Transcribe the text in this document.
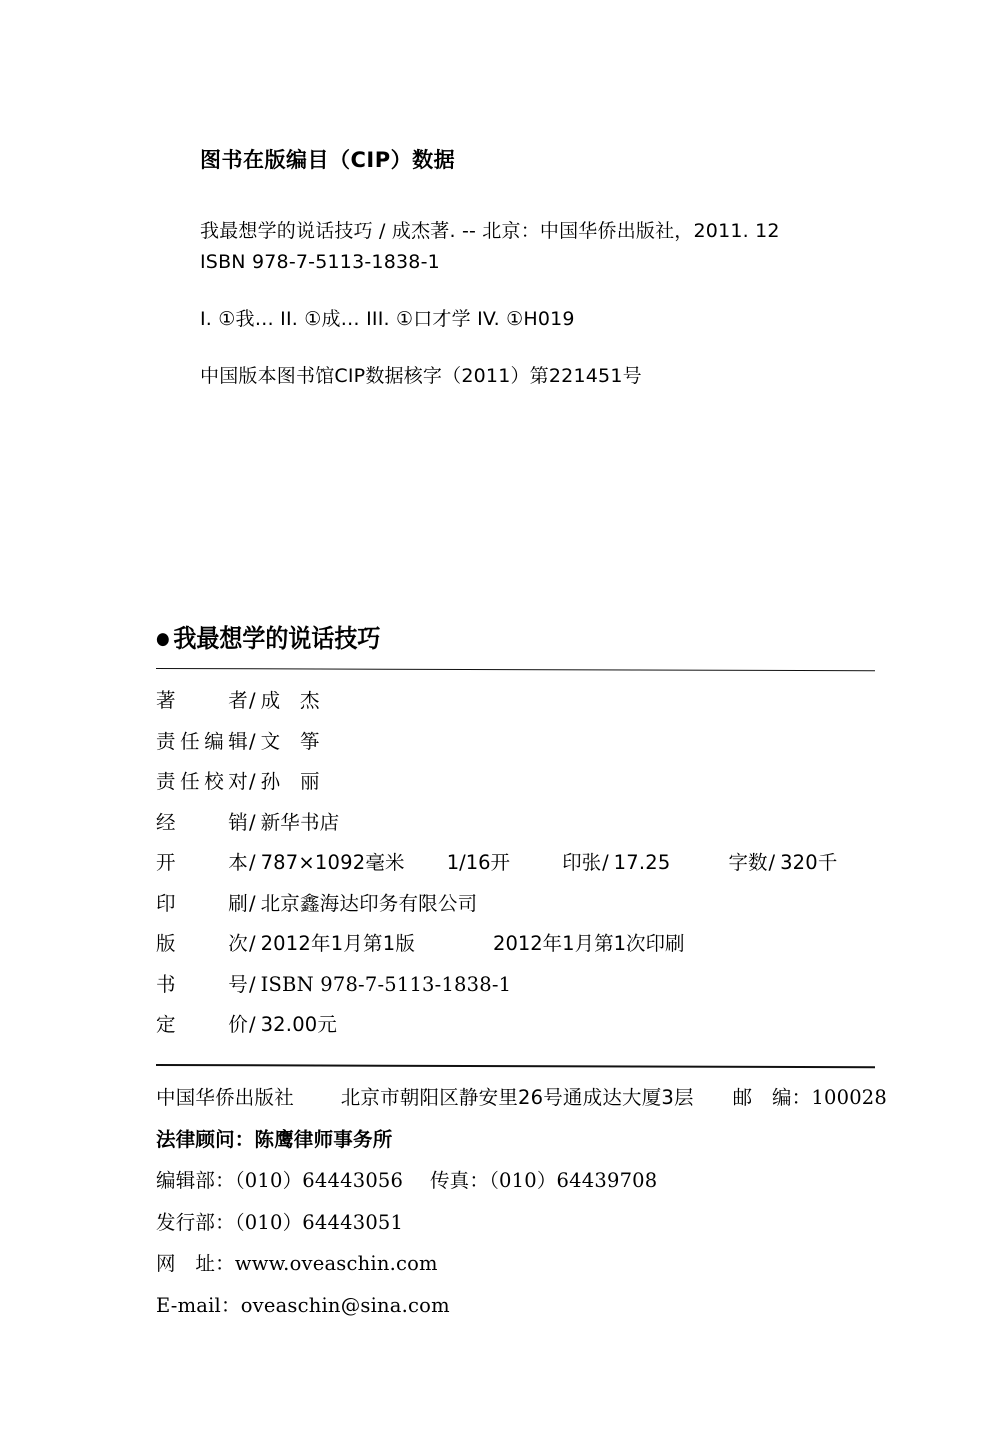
图书在版编目（CIP）数据

我最想学的说话技巧 / 成杰著. -- 北京：中国华侨出版社，2011. 12
ISBN 978-7-5113-1838-1

I. ①我… II. ①成… III. ①口才学 IV. ①H019

中国版本图书馆CIP数据核字（2011）第221451号

● 我最想学的说话技巧
著者 / 成　杰
责任编辑 / 文　筝
责任校对 / 孙　丽
经销 / 新华书店
开本 / 787×1092毫米 1/16开	印张 / 17.25	字数 / 320千
印刷 / 北京鑫海达印务有限公司
版次 / 2012年1月第1版	2012年1月第1次印刷
书号 / ISBN 978-7-5113-1838-1
定价 / 32.00元
中国华侨出版社 北京市朝阳区静安里26号通成达大厦3层 邮　编：100028
法律顾问：陈鹰律师事务所
编辑部：（010）64443056 传真：（010）64439708
发行部：（010）64443051
网　址：www.oveaschin.com
E-mail：oveaschin@sina.com
